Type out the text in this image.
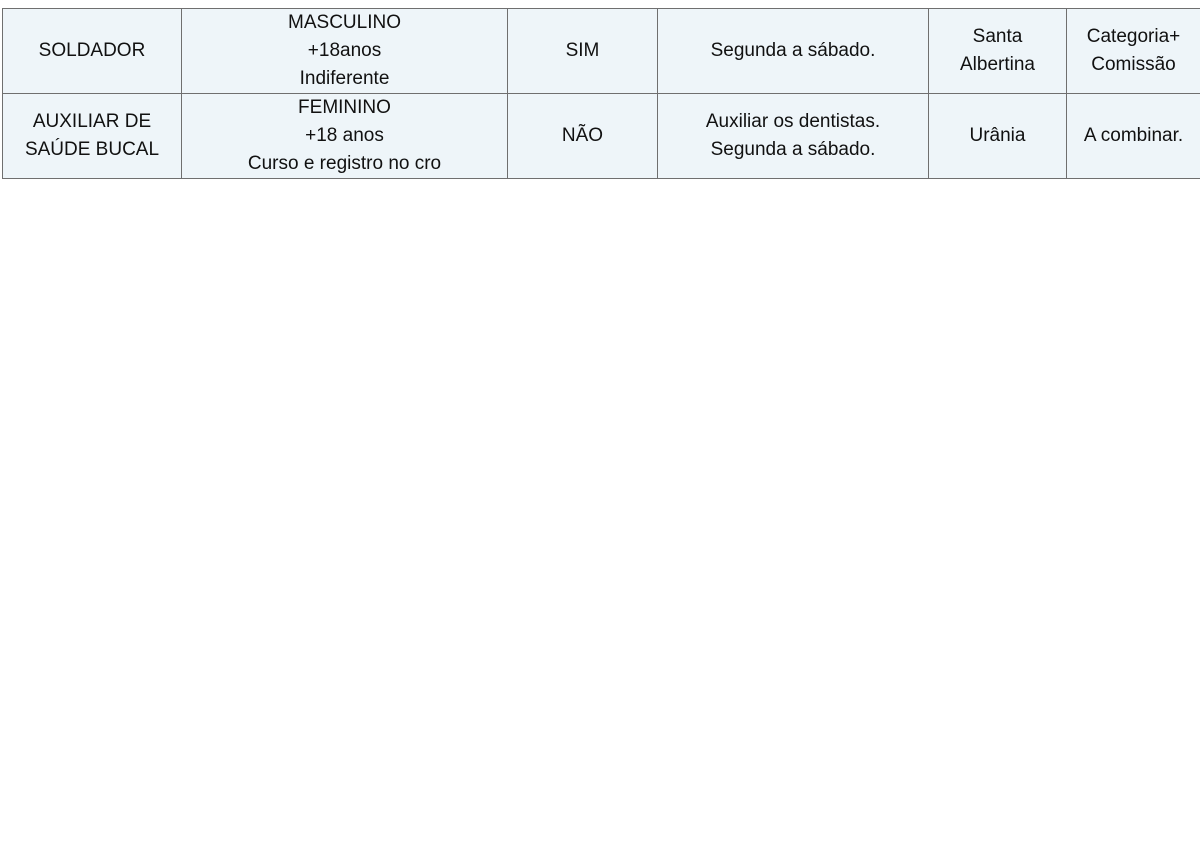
SOLDADOR	MASCULINO
+18anos
Indiferente	SIM	Segunda a sábado.	Santa
Albertina	Categoria+
Comissão

AUXILIAR DE
SAÚDE BUCAL	FEMININO
+18 anos
Curso e registro no cro	NÃO	Auxiliar os dentistas.
Segunda a sábado.	Urânia	A combinar.
